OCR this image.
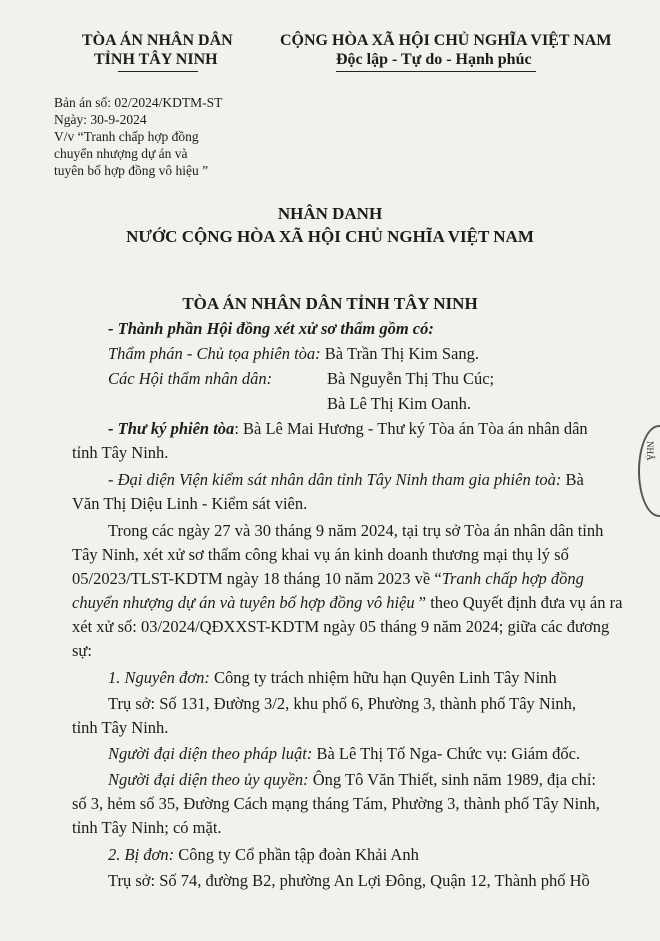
TÒA ÁN NHÂN DÂN
TỈNH TÂY NINH
CỘNG HÒA XÃ HỘI CHỦ NGHĨA VIỆT NAM
Độc lập - Tự do - Hạnh phúc
Bản án số: 02/2024/KDTM-ST
Ngày: 30-9-2024
V/v “Tranh chấp hợp đồng
chuyển nhượng dự án và
tuyên bố hợp đồng vô hiệu ”
NHÂN DANH
NƯỚC CỘNG HÒA XÃ HỘI CHỦ NGHĨA VIỆT NAM
TÒA ÁN NHÂN DÂN TỈNH TÂY NINH
- Thành phần Hội đồng xét xử sơ thẩm gồm có:
Thẩm phán - Chủ tọa phiên tòa: Bà Trần Thị Kim Sang.
Các Hội thẩm nhân dân:	Bà Nguyễn Thị Thu Cúc;
Bà Lê Thị Kim Oanh.
- Thư ký phiên tòa: Bà Lê Mai Hương - Thư ký Tòa án Tòa án nhân dân
tỉnh Tây Ninh.
- Đại diện Viện kiểm sát nhân dân tỉnh Tây Ninh tham gia phiên toà: Bà
Văn Thị Diệu Linh - Kiểm sát viên.
Trong các ngày 27 và 30 tháng 9 năm 2024, tại trụ sở Tòa án nhân dân tỉnh
Tây Ninh, xét xử sơ thẩm công khai vụ án kinh doanh thương mại thụ lý số
05/2023/TLST-KDTM ngày 18 tháng 10 năm 2023 về “Tranh chấp hợp đồng
chuyển nhượng dự án và tuyên bố hợp đồng vô hiệu ” theo Quyết định đưa vụ án ra
xét xử số: 03/2024/QĐXXST-KDTM ngày 05 tháng 9 năm 2024; giữa các đương
sự:
1. Nguyên đơn: Công ty trách nhiệm hữu hạn Quyên Linh Tây Ninh
Trụ sở: Số 131, Đường 3/2, khu phố 6, Phường 3, thành phố Tây Ninh,
tỉnh Tây Ninh.
Người đại diện theo pháp luật: Bà Lê Thị Tố Nga- Chức vụ: Giám đốc.
Người đại diện theo ủy quyền: Ông Tô Văn Thiết, sinh năm 1989, địa chỉ:
số 3, hẻm số 35, Đường Cách mạng tháng Tám, Phường 3, thành phố Tây Ninh,
tỉnh Tây Ninh; có mặt.
2. Bị đơn: Công ty Cổ phần tập đoàn Khải Anh
Trụ sở: Số 74, đường B2, phường An Lợi Đông, Quận 12, Thành phố Hồ
NHẬ
